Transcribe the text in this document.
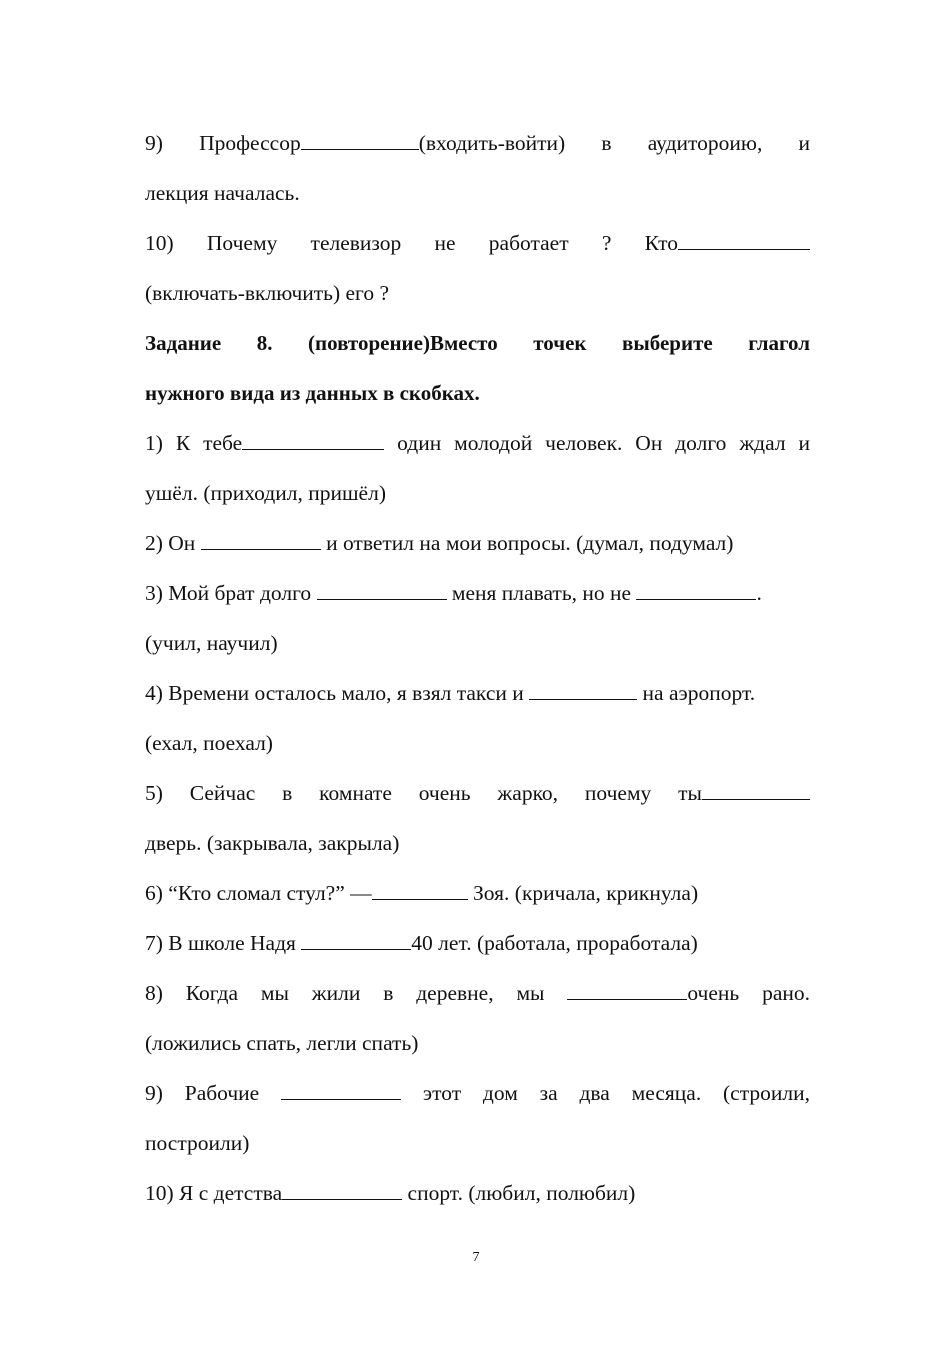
9) Профессор	(входить-войти) в аудитороию, и
лекция началась.
10) Почему телевизор не работает ? Кто
(включать-включить) его ?
Задание 8. (повторение)Вместо точек выберите глагол
нужного вида из данных в скобках.
1) К тебе	один молодой человек. Он долго ждал и
ушёл. (приходил, пришёл)
2) Он	и ответил на мои вопросы. (думал, подумал)
3) Мой брат долго	меня плавать, но не	.
(учил, научил)
4) Времени осталось мало, я взял такси и	на аэропорт.
(ехал, поехал)
5) Сейчас в комнате очень жарко, почему ты
дверь. (закрывала, закрыла)
6) “Кто сломал стул?” —	Зоя. (кричала, крикнула)
7) В школе Надя	40 лет. (работала, проработала)
8) Когда мы жили в деревне, мы	очень рано.
(ложились спать, легли спать)
9) Рабочие	этот дом за два месяца. (строили,
построили)
10) Я с детства	спорт. (любил, полюбил)
7
